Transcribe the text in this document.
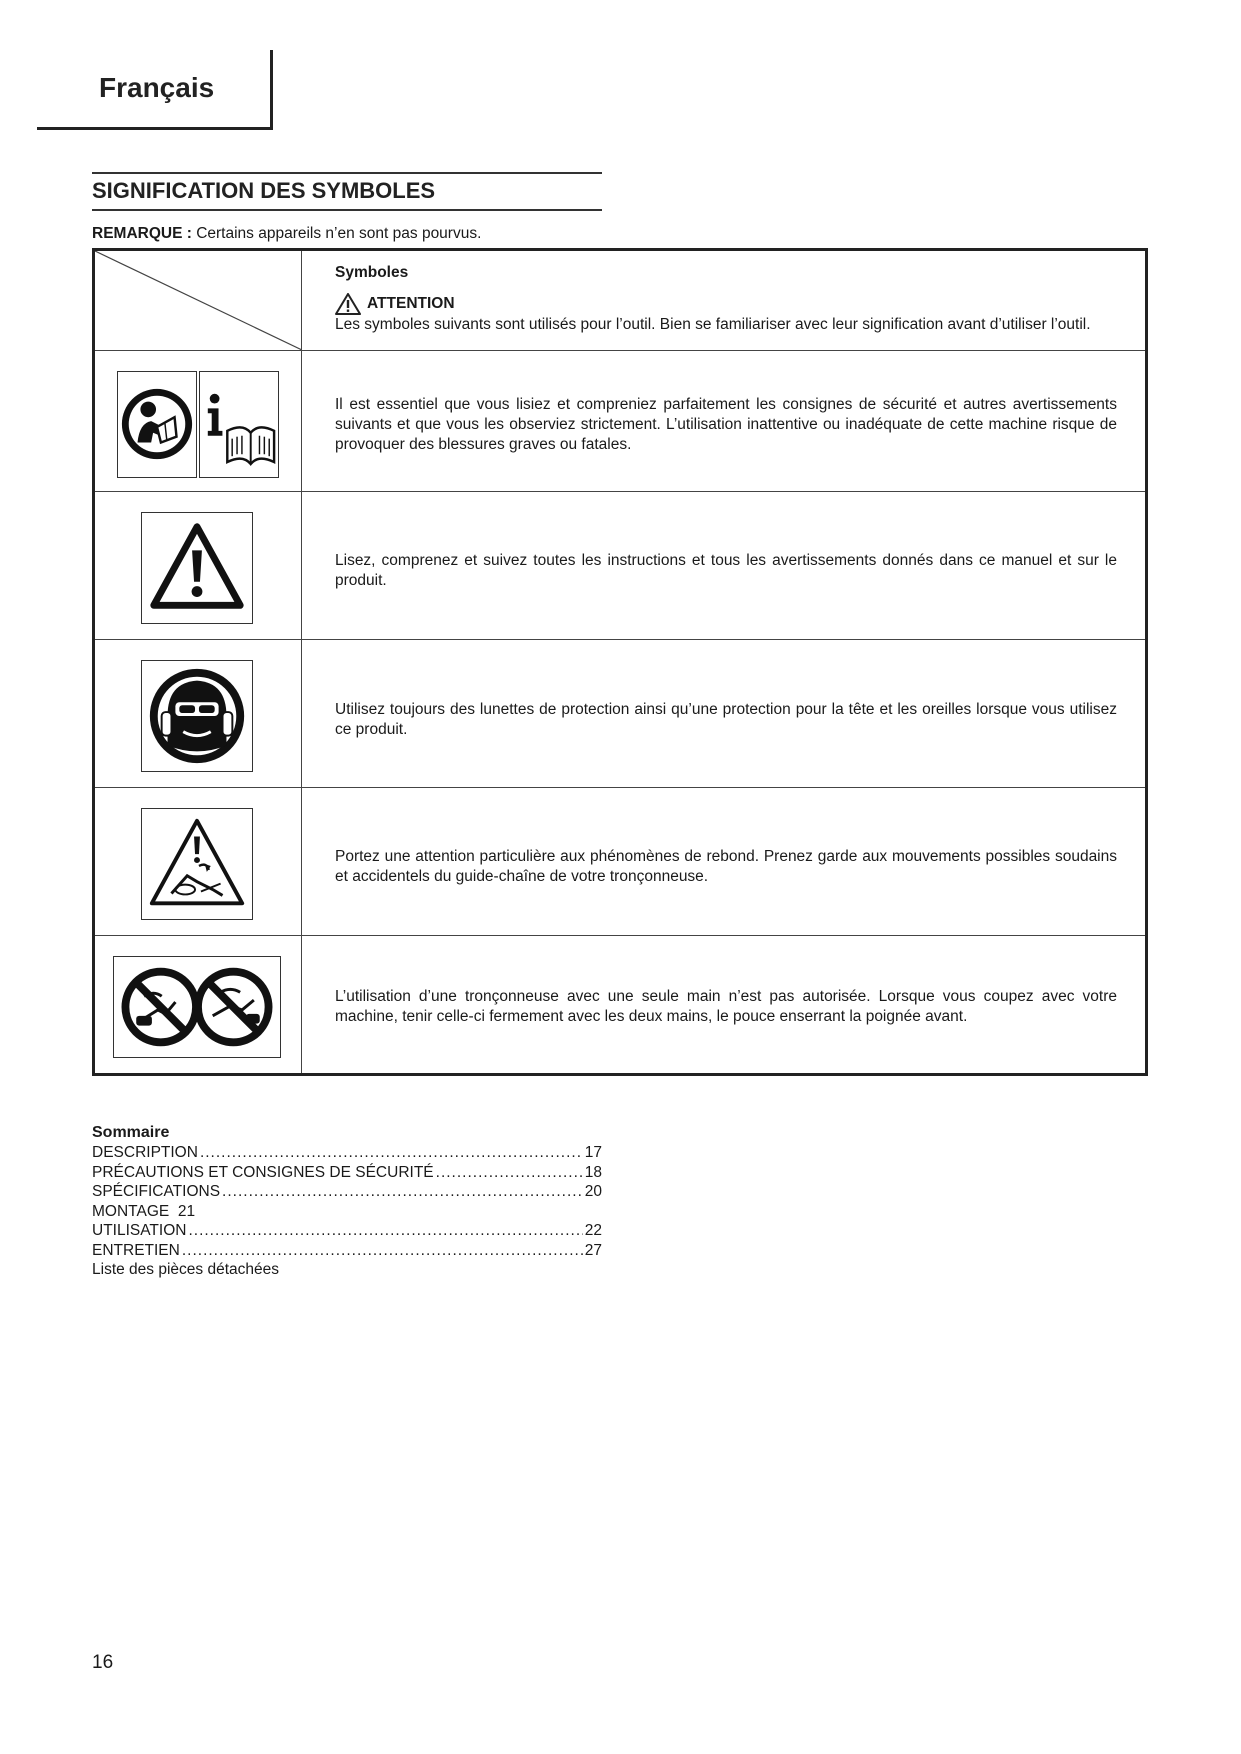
Français
SIGNIFICATION DES SYMBOLES
REMARQUE : Certains appareils n’en sont pas pourvus.
Symboles
ATTENTION
Les symboles suivants sont utilisés pour l’outil. Bien se familiariser avec leur signification avant d’utiliser l’outil.
Il est essentiel que vous lisiez et compreniez parfaitement les consignes de sécurité et autres avertissements suivants et que vous les observiez strictement. L’utilisation inattentive ou inadéquate de cette machine risque de provoquer des blessures graves ou fatales.
Lisez, comprenez et suivez toutes les instructions et tous les avertissements donnés dans ce manuel et sur le produit.
Utilisez toujours des lunettes de protection ainsi qu’une protection pour la tête et les oreilles lorsque vous utilisez ce produit.
Portez une attention particulière aux phénomènes de rebond. Prenez garde aux mouvements possibles soudains et accidentels du guide-chaîne de votre tronçonneuse.
L’utilisation d’une tronçonneuse avec une seule main n’est pas autorisée. Lorsque vous coupez avec votre machine, tenir celle-ci fermement avec les deux mains, le pouce enserrant la poignée avant.
Sommaire
DESCRIPTION .....	17
PRÉCAUTIONS ET CONSIGNES DE SÉCURITÉ .....	18
SPÉCIFICATIONS .....	20
MONTAGE 21
UTILISATION .....	22
ENTRETIEN .....	27
Liste des pièces détachées
16
